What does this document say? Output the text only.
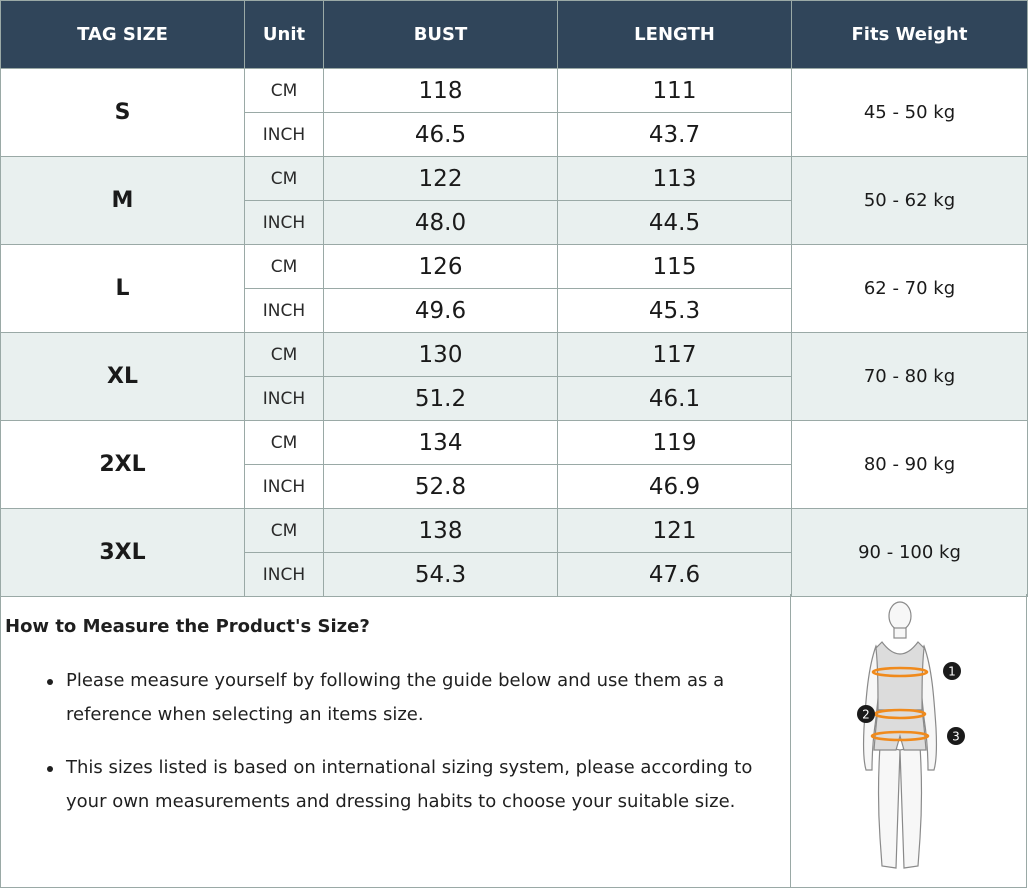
TAG SIZE	Unit	BUST	LENGTH	Fits Weight
S	CM	118	111	45 - 50 kg
	INCH	46.5	43.7	
M	CM	122	113	50 - 62 kg
	INCH	48.0	44.5	
L	CM	126	115	62 - 70 kg
	INCH	49.6	45.3	
XL	CM	130	117	70 - 80 kg
	INCH	51.2	46.1	
2XL	CM	134	119	80 - 90 kg
	INCH	52.8	46.9	
3XL	CM	138	121	90 - 100 kg
	INCH	54.3	47.6	

How to Measure the Product's Size?

Please measure yourself by following the guide below and use them as a reference when selecting an items size.
This sizes listed is based on international sizing system, please according to your own measurements and dressing habits to choose your suitable size.
1
2
3
